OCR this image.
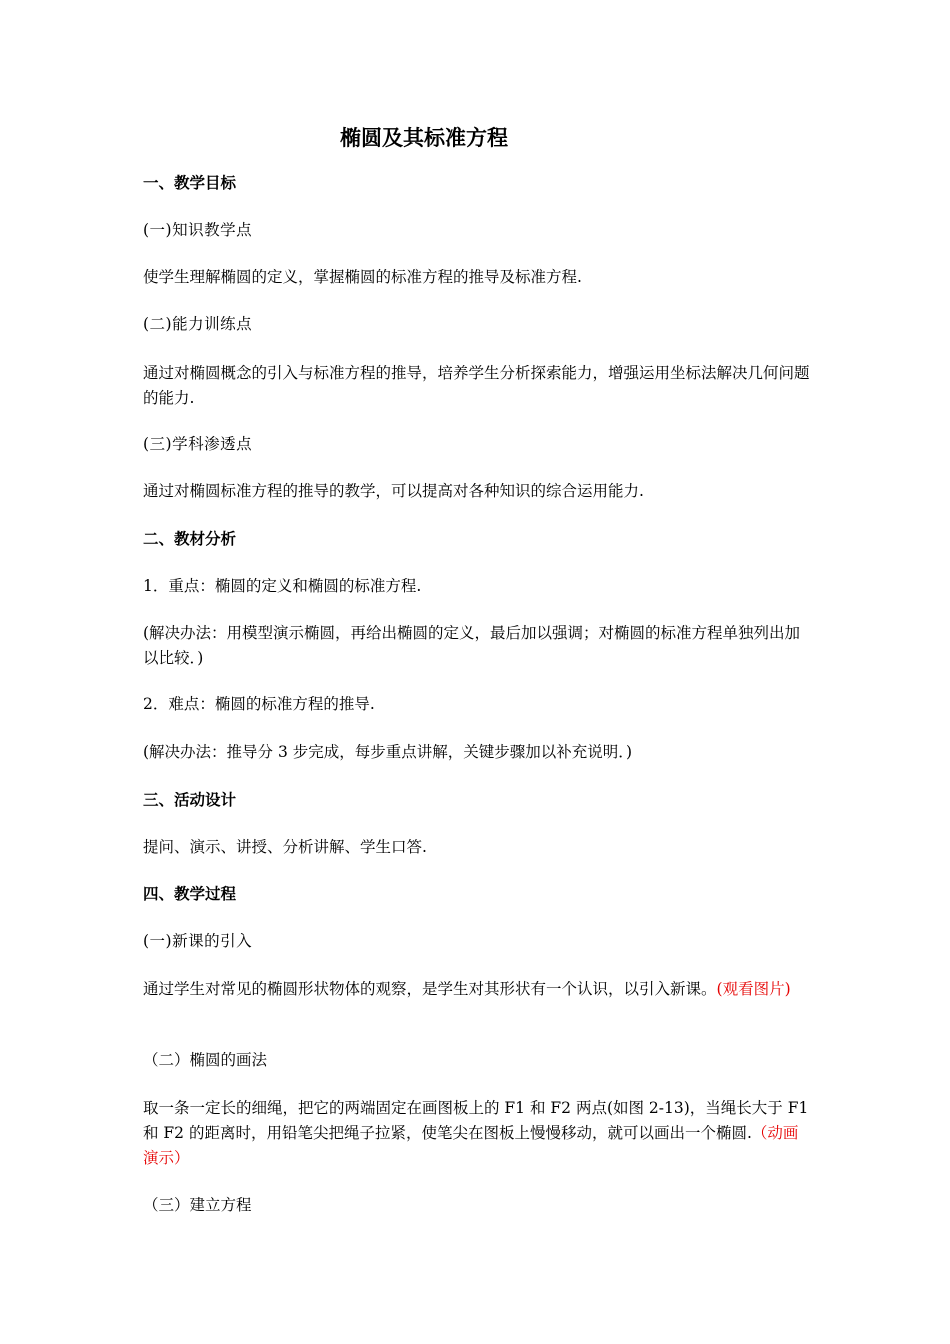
椭圆及其标准方程
一、教学目标
(一)知识教学点
使学生理解椭圆的定义，掌握椭圆的标准方程的推导及标准方程.
(二)能力训练点
通过对椭圆概念的引入与标准方程的推导，培养学生分析探索能力，增强运用坐标法解决几何问题的能力.
(三)学科渗透点
通过对椭圆标准方程的推导的教学，可以提高对各种知识的综合运用能力.
二、教材分析
1．重点：椭圆的定义和椭圆的标准方程.
(解决办法：用模型演示椭圆，再给出椭圆的定义，最后加以强调；对椭圆的标准方程单独列出加以比较．)
2．难点：椭圆的标准方程的推导.
(解决办法：推导分 3 步完成，每步重点讲解，关键步骤加以补充说明．)
三、活动设计
提问、演示、讲授、分析讲解、学生口答.
四、教学过程
(一)新课的引入
通过学生对常见的椭圆形状物体的观察，是学生对其形状有一个认识，以引入新课。(观看图片)
（二）椭圆的画法
取一条一定长的细绳，把它的两端固定在画图板上的 F1 和 F2 两点(如图 2-13)，当绳长大于 F1 和 F2 的距离时，用铅笔尖把绳子拉紧，使笔尖在图板上慢慢移动，就可以画出一个椭圆.（动画演示）
（三）建立方程
